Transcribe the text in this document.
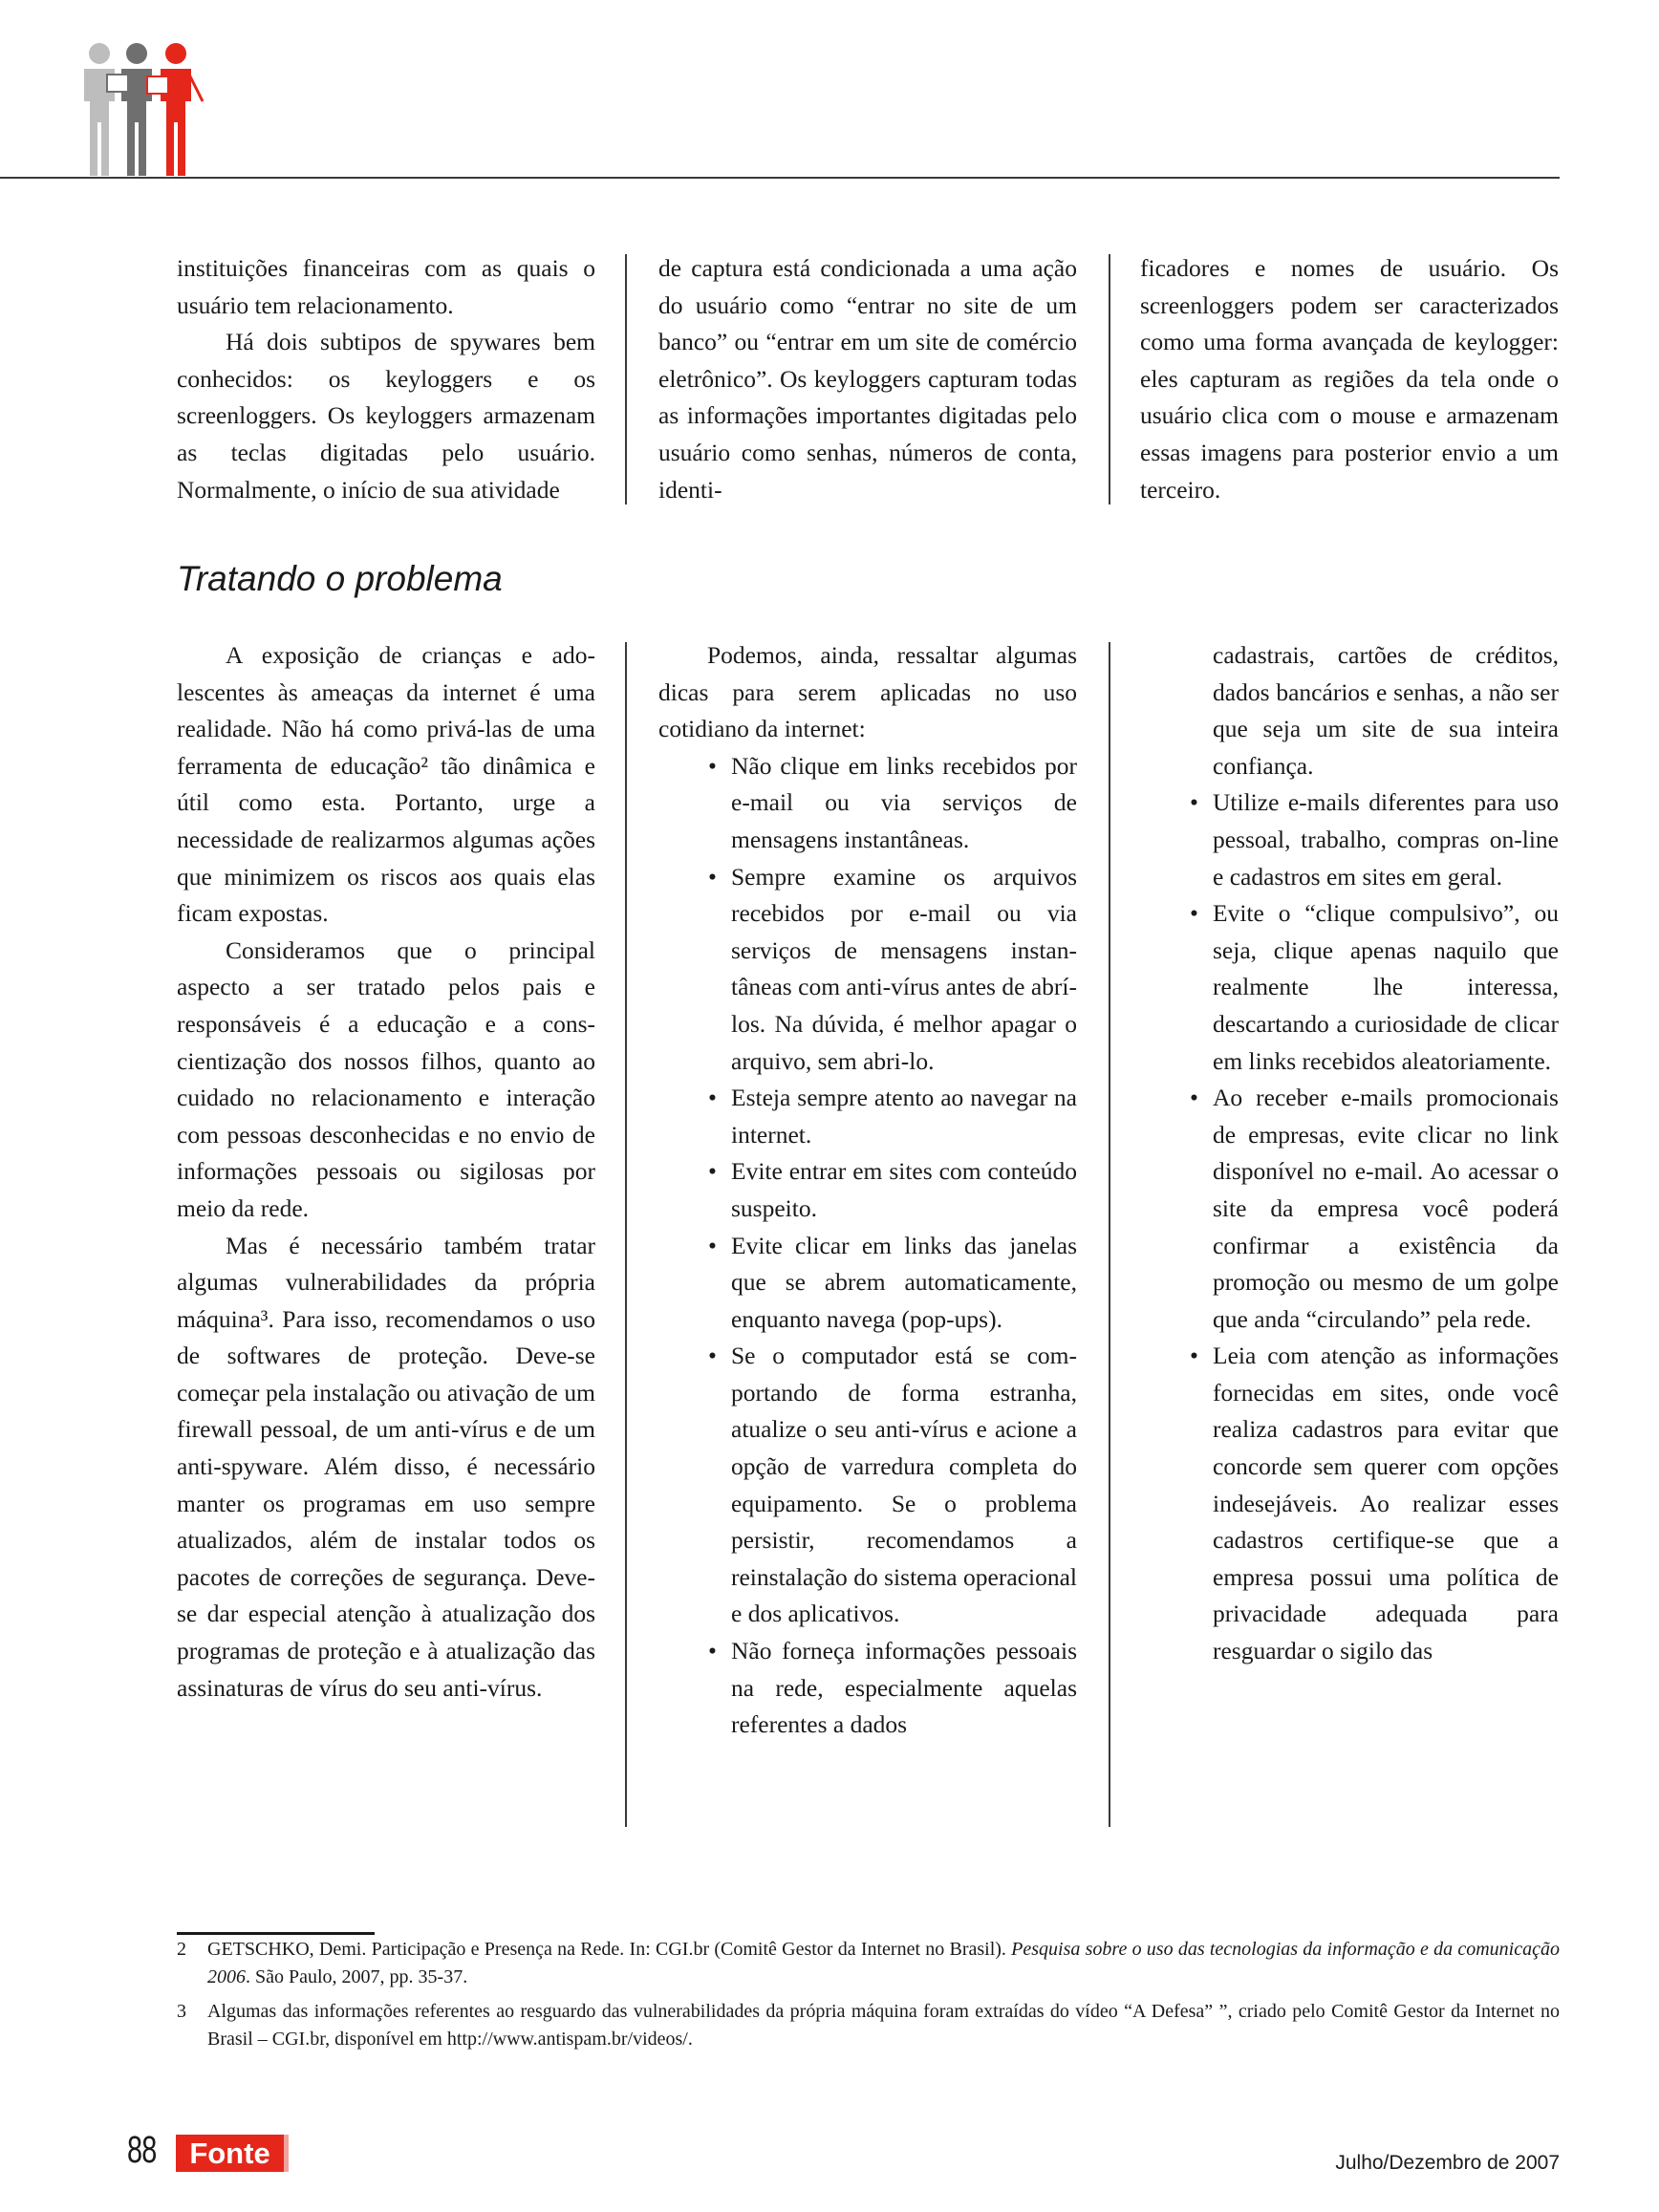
instituições financeiras com as quais o usuário tem relacionamento.

Há dois subtipos de spywares bem conhecidos: os keyloggers e os screenloggers. Os keyloggers armazenam as teclas digitadas pelo usuário. Normalmente, o início de sua atividade

de captura está condicionada a uma ação do usuário como “entrar no site de um banco” ou “entrar em um site de comércio eletrônico”. Os keyloggers capturam todas as informações importantes digitadas pelo usuário como senhas, números de conta, identi-

ficadores e nomes de usuário. Os screenloggers podem ser caracterizados como uma forma avançada de keylogger: eles capturam as regiões da tela onde o usuário clica com o mouse e armazenam essas imagens para posterior envio a um terceiro.

Tratando o problema

A exposição de crianças e adolescentes às ameaças da internet é uma realidade. Não há como privá-las de uma ferramenta de educação² tão dinâmica e útil como esta. Portanto, urge a necessidade de realizarmos algumas ações que minimizem os riscos aos quais elas ficam expostas.

Consideramos que o principal aspecto a ser tratado pelos pais e responsáveis é a educação e a conscientização dos nossos filhos, quanto ao cuidado no relacionamento e interação com pessoas desconhecidas e no envio de informações pessoais ou sigilosas por meio da rede.

Mas é necessário também tratar algumas vulnerabilidades da própria máquina³. Para isso, recomendamos o uso de softwares de proteção. Deve-se começar pela instalação ou ativação de um firewall pessoal, de um anti-vírus e de um anti-spyware. Além disso, é necessário manter os programas em uso sempre atualizados, além de instalar todos os pacotes de correções de segurança. Deve-se dar especial atenção à atualização dos programas de proteção e à atualização das assinaturas de vírus do seu anti-vírus.

Podemos, ainda, ressaltar algumas dicas para serem aplicadas no uso cotidiano da internet:

• Não clique em links recebidos por e-mail ou via serviços de mensagens instantâneas.
• Sempre examine os arquivos recebidos por e-mail ou via serviços de mensagens instantâneas com anti-vírus antes de abrí-los. Na dúvida, é melhor apagar o arquivo, sem abri-lo.
• Esteja sempre atento ao navegar na internet.
• Evite entrar em sites com conteúdo suspeito.
• Evite clicar em links das janelas que se abrem automaticamente, enquanto navega (pop-ups).
• Se o computador está se comportando de forma estranha, atualize o seu anti-vírus e acione a opção de varredura completa do equipamento. Se o problema persistir, recomendamos a reinstalação do sistema operacional e dos aplicativos.
• Não forneça informações pessoais na rede, especialmente aquelas referentes a dados
cadastrais, cartões de créditos, dados bancários e senhas, a não ser que seja um site de sua inteira confiança.
• Utilize e-mails diferentes para uso pessoal, trabalho, compras on-line e cadastros em sites em geral.
• Evite o “clique compulsivo”, ou seja, clique apenas naquilo que realmente lhe interessa, descartando a curiosidade de clicar em links recebidos aleatoriamente.
• Ao receber e-mails promocionais de empresas, evite clicar no link disponível no e-mail. Ao acessar o site da empresa você poderá confirmar a existência da promoção ou mesmo de um golpe que anda “circulando” pela rede.
• Leia com atenção as informações fornecidas em sites, onde você realiza cadastros para evitar que concorde sem querer com opções indesejáveis. Ao realizar esses cadastros certifique-se que a empresa possui uma política de privacidade adequada para resguardar o sigilo das
2	GETSCHKO, Demi. Participação e Presença na Rede. In: CGI.br (Comitê Gestor da Internet no Brasil). Pesquisa sobre o uso das tecnologias da informação e da comunicação 2006. São Paulo, 2007, pp. 35-37.
3	Algumas das informações referentes ao resguardo das vulnerabilidades da própria máquina foram extraídas do vídeo “A Defesa” ”, criado pelo Comitê Gestor da Internet no Brasil – CGI.br, disponível em http://www.antispam.br/videos/.
88	Fonte	Julho/Dezembro de 2007
